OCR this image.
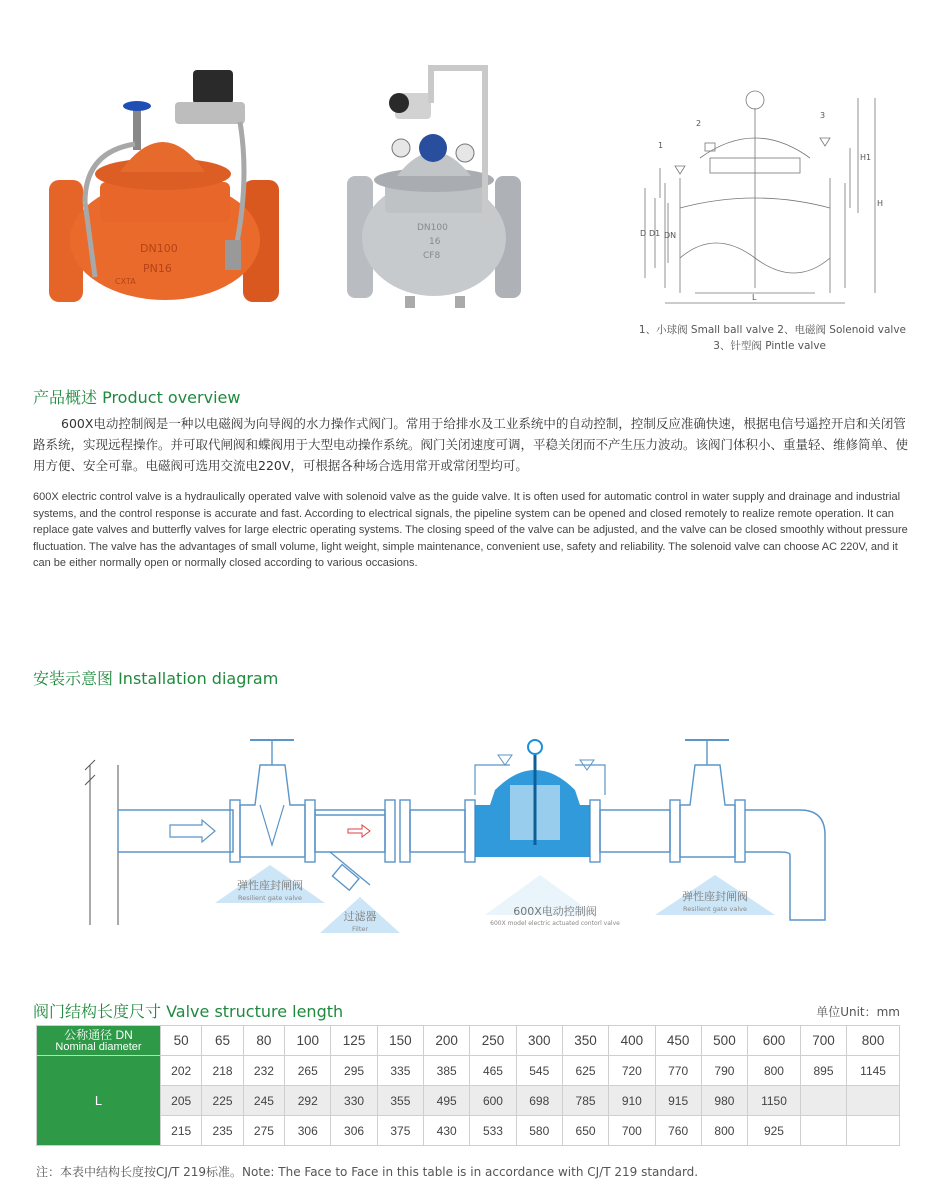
DN100
PN16
CXTA
DN100
16
CF8
1
2
3
H1
H
D D1 DN
L
1、小球阀 Small ball valve 2、电磁阀 Solenoid valve
3、针型阀 Pintle valve
产品概述 Product overview
600X电动控制阀是一种以电磁阀为向导阀的水力操作式阀门。常用于给排水及工业系统中的自动控制，控制反应准确快速，根据电信号遥控开启和关闭管路系统，实现远程操作。并可取代闸阀和蝶阀用于大型电动操作系统。阀门关闭速度可调，平稳关闭而不产生压力波动。该阀门体积小、重量轻、维修简单、使用方便、安全可靠。电磁阀可选用交流电220V，可根据各种场合选用常开或常闭型均可。
600X electric control valve is a hydraulically operated valve with solenoid valve as the guide valve. It is often used for automatic control in water supply and drainage and industrial systems, and the control response is accurate and fast. According to electrical signals, the pipeline system can be opened and closed remotely to realize remote operation. It can replace gate valves and butterfly valves for large electric operating systems. The closing speed of the valve can be adjusted, and the valve can be closed smoothly without pressure fluctuation. The valve has the advantages of small volume, light weight, simple maintenance, convenient use, safety and reliability. The solenoid valve can choose AC 220V, and it can be either normally open or normally closed according to various occasions.
安装示意图 Installation diagram
弹性座封闸阀
Resilient gate valve
过滤器
Filter
600X电动控制阀
600X model electric actuated contorl valve
弹性座封闸阀
Resilient gate valve
阀门结构长度尺寸 Valve structure length	单位Unit：mm
公称通径 DN
Nominal diameter	50	65	80	100	125	150	200	250	300	350	400	450	500	600	700	800
L	202	218	232	265	295	335	385	465	545	625	720	770	790	800	895	1145
	205	225	245	292	330	355	495	600	698	785	910	915	980	1150		
	215	235	275	306	306	375	430	533	580	650	700	760	800	925		
注：本表中结构长度按CJ/T 219标准。Note: The Face to Face in this table is in accordance with CJ/T 219 standard.
